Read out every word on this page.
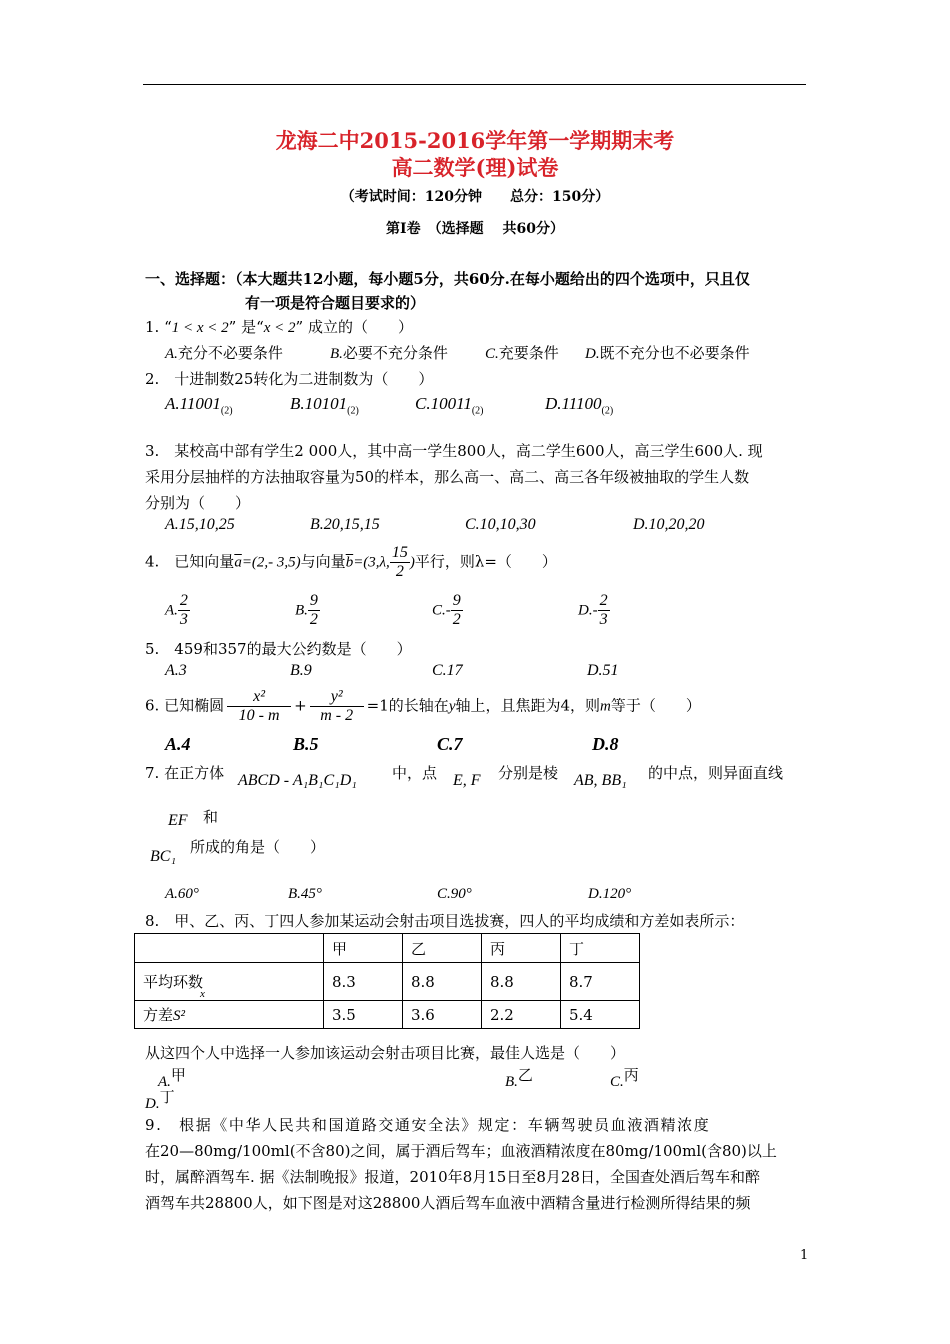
龙海二中2015-2016学年第一学期期末考
高二数学(理)试卷
（考试时间：120分钟　　总分：150分）
第Ⅰ卷　（选择题　 共60分）
一、选择题：（本大题共12小题，每小题5分，共60分.在每小题给出的四个选项中，只且仅
有一项是符合题目要求的）
1. “1 < x < 2” 是“x < 2” 成立的（　　）
A.充分不必要条件	B.必要不充分条件 C.充要条件 D.既不充分也不必要条件
2.　十进制数25转化为二进制数为（　　）
$A.11001_{(2)}$	$B.10101_{(2)}$	$C.10011_{(2)}$	$D.11100_{(2)}$
3.　某校高中部有学生2 000人，其中高一学生800人，高二学生600人，高三学生600人. 现
采用分层抽样的方法抽取容量为50的样本，那么高一、高二、高三各年级被抽取的学生人数
分别为（　　）
A.15,10,25	B.20,15,15	C.10,10,30	D.10,20,20
4.　已知向量$\overline{a}=(2,-$ 3,5)与向量$\overline{b}=(3,\lambda$, $\frac{15}{2}$ )平行，则λ=（　　）
A. $\frac{2}{3}$	B. $\frac{9}{2}$	$C.- \frac{9}{2}$	$D.- \frac{2}{3}$
5.　459和357的最大公约数是（　　）
A.3	B.9	C.17	D.51
6. 已知椭圆 $\frac{\text{x²}}{10 - m} + \frac{\text{y²}}{m - 2} =1$的长轴在y轴上，且焦距为4，则m等于（　　）
A.4	B.5	C.7	D.8
7. 在正方体 ABCD - A₁B₁C₁D₁ 中，点 E, F 分别是棱 AB, BB₁ 的中点，则异面直线
EF 和
BC₁
所成的角是（　　）
A.60°	B.45°	C.90°	D.120°
8.　甲、乙、丙、丁四人参加某运动会射击项目选拔赛，四人的平均成绩和方差如表所示：
	甲	乙	丙	丁
平均环数$_x$	8.3	8.8	8.8	8.7
方差S²	3.5	3.6	2.2	5.4
从这四个人中选择一人参加该运动会射击项目比赛，最佳人选是（　　）
A.甲	B.乙	C.丙
D.丁
9.　根据《中华人民共和国道路交通安全法》规定：车辆驾驶员血液酒精浓度
在20—80mg/100ml(不含80)之间，属于酒后驾车；血液酒精浓度在80mg/100ml(含80)以上
时，属醉酒驾车. 据《法制晚报》报道，2010年8月15日至8月28日，全国查处酒后驾车和醉
酒驾车共28800人，如下图是对这28800人酒后驾车血液中酒精含量进行检测所得结果的频
1
